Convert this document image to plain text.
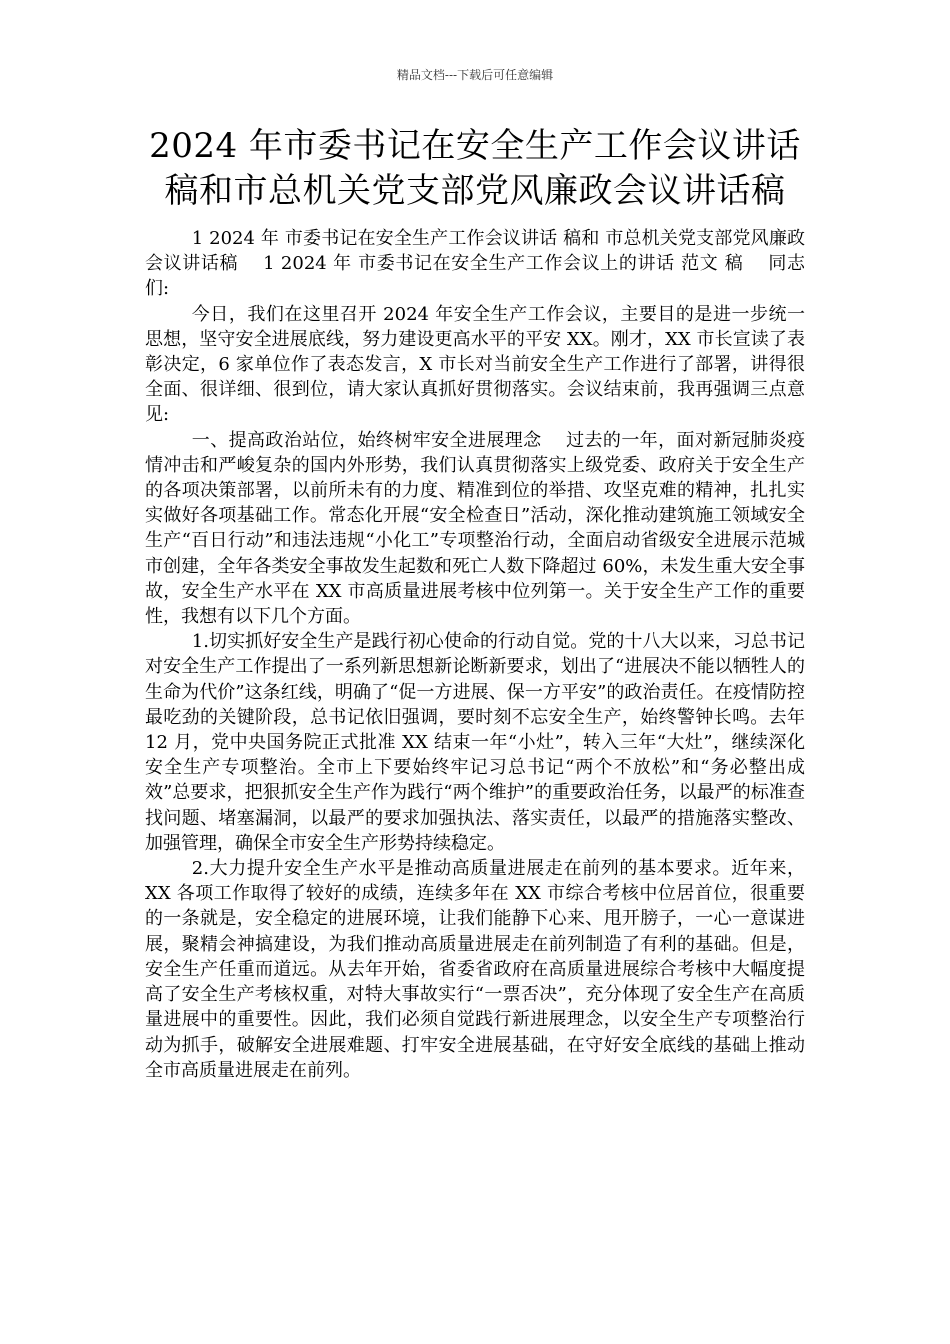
精品文档---下载后可任意编辑
2024 年市委书记在安全生产工作会议讲话
稿和市总机关党支部党风廉政会议讲话稿

1 2024 年 市委书记在安全生产工作会议讲话 稿和 市总机关党支部党风廉政会议讲话稿　 1 2024 年 市委书记在安全生产工作会议上的讲话 范文 稿　 同志们:

今日，我们在这里召开 2024 年安全生产工作会议，主要目的是进一步统一思想，坚守安全进展底线，努力建设更高水平的平安 XX。刚才，XX 市长宣读了表彰决定，6 家单位作了表态发言，X 市长对当前安全生产工作进行了部署，讲得很全面、很详细、很到位，请大家认真抓好贯彻落实。会议结束前，我再强调三点意见:

一、提高政治站位，始终树牢安全进展理念　 过去的一年，面对新冠肺炎疫情冲击和严峻复杂的国内外形势，我们认真贯彻落实上级党委、政府关于安全生产的各项决策部署，以前所未有的力度、精准到位的举措、攻坚克难的精神，扎扎实实做好各项基础工作。常态化开展“安全检查日”活动，深化推动建筑施工领域安全生产“百日行动”和违法违规“小化工”专项整治行动，全面启动省级安全进展示范城市创建，全年各类安全事故发生起数和死亡人数下降超过 60%，未发生重大安全事故，安全生产水平在 XX 市高质量进展考核中位列第一。关于安全生产工作的重要性，我想有以下几个方面。

1.切实抓好安全生产是践行初心使命的行动自觉。党的十八大以来，习总书记对安全生产工作提出了一系列新思想新论断新要求，划出了“进展决不能以牺牲人的生命为代价”这条红线，明确了“促一方进展、保一方平安”的政治责任。在疫情防控最吃劲的关键阶段，总书记依旧强调，要时刻不忘安全生产，始终警钟长鸣。去年 12 月，党中央国务院正式批准 XX 结束一年“小灶”，转入三年“大灶”，继续深化安全生产专项整治。全市上下要始终牢记习总书记“两个不放松”和“务必整出成效”总要求，把狠抓安全生产作为践行“两个维护”的重要政治任务，以最严的标准查找问题、堵塞漏洞，以最严的要求加强执法、落实责任，以最严的措施落实整改、加强管理，确保全市安全生产形势持续稳定。

2.大力提升安全生产水平是推动高质量进展走在前列的基本要求。近年来，XX 各项工作取得了较好的成绩，连续多年在 XX 市综合考核中位居首位，很重要的一条就是，安全稳定的进展环境，让我们能静下心来、甩开膀子，一心一意谋进展，聚精会神搞建设，为我们推动高质量进展走在前列制造了有利的基础。但是，安全生产任重而道远。从去年开始，省委省政府在高质量进展综合考核中大幅度提高了安全生产考核权重，对特大事故实行“一票否决”，充分体现了安全生产在高质量进展中的重要性。因此，我们必须自觉践行新进展理念，以安全生产专项整治行动为抓手，破解安全进展难题、打牢安全进展基础，在守好安全底线的基础上推动全市高质量进展走在前列。
